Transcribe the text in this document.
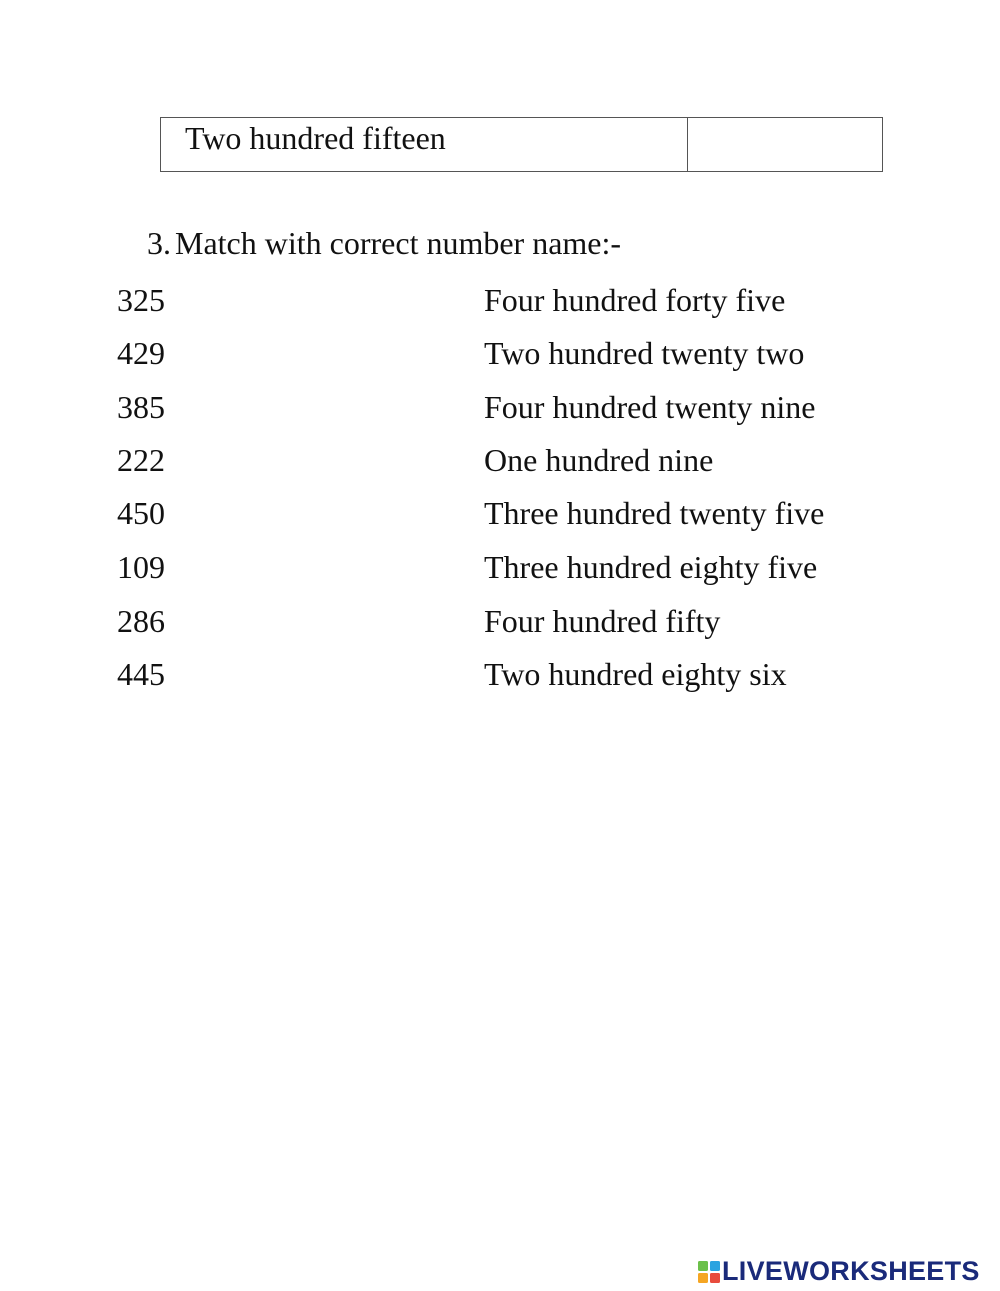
Two hundred fifteen	
3. Match with correct number name:-
325	Four hundred forty five
429	Two hundred twenty two
385	Four hundred twenty nine
222	One hundred nine
450	Three hundred twenty five
109	Three hundred eighty five
286	Four hundred fifty
445	Two hundred eighty six
LIVEWORKSHEETS
